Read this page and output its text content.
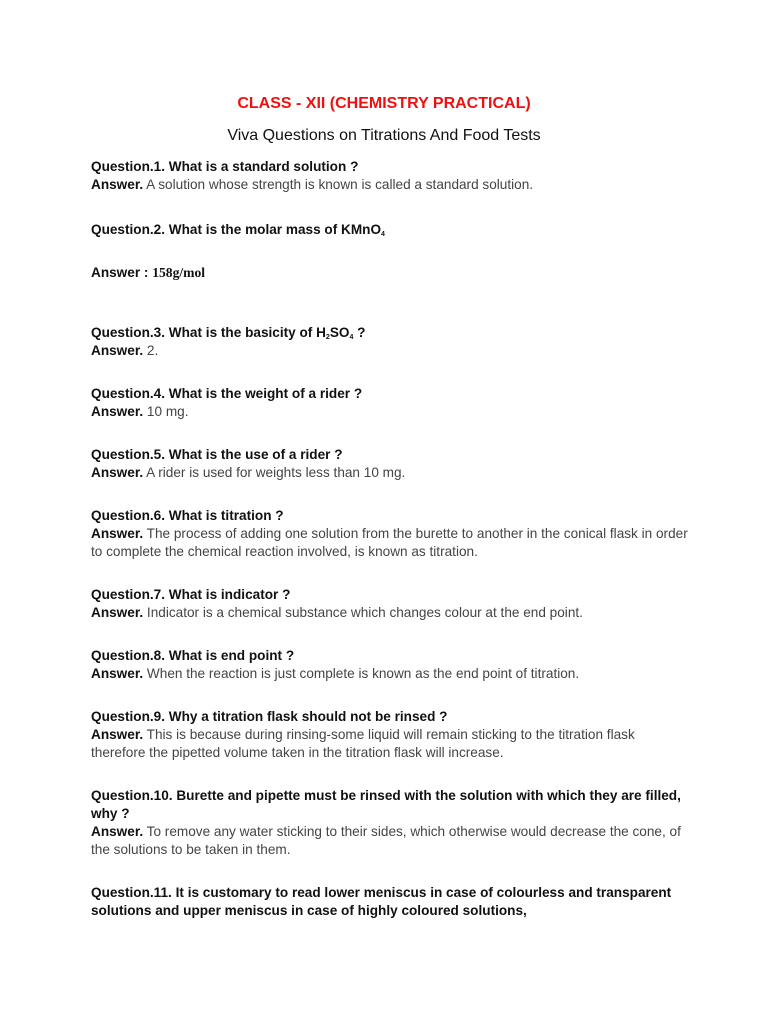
CLASS - XII (CHEMISTRY PRACTICAL)
Viva Questions on Titrations And Food Tests
Question.1. What is a standard solution ?
Answer. A solution whose strength is known is called a standard solution.
Question.2. What is the molar mass of KMnO$_4$
Answer : 158g/mol
Question.3. What is the basicity of $H_2SO_4$ ?
Answer. 2.
Question.4. What is the weight of a rider ?
Answer. 10 mg.
Question.5. What is the use of a rider ?
Answer. A rider is used for weights less than 10 mg.
Question.6. What is titration ?
Answer. The process of adding one solution from the burette to another in the conical flask in order to complete the chemical reaction involved, is known as titration.
Question.7. What is indicator ?
Answer. Indicator is a chemical substance which changes colour at the end point.
Question.8. What is end point ?
Answer. When the reaction is just complete is known as the end point of titration.
Question.9. Why a titration flask should not be rinsed ?
Answer. This is because during rinsing-some liquid will remain sticking to the titration flask therefore the pipetted volume taken in the titration flask will increase.
Question.10. Burette and pipette must be rinsed with the solution with which they are filled, why ?
Answer. To remove any water sticking to their sides, which otherwise would decrease the cone, of the solutions to be taken in them.
Question.11. It is customary to read lower meniscus in case of colourless and transparent solutions and upper meniscus in case of highly coloured solutions,
